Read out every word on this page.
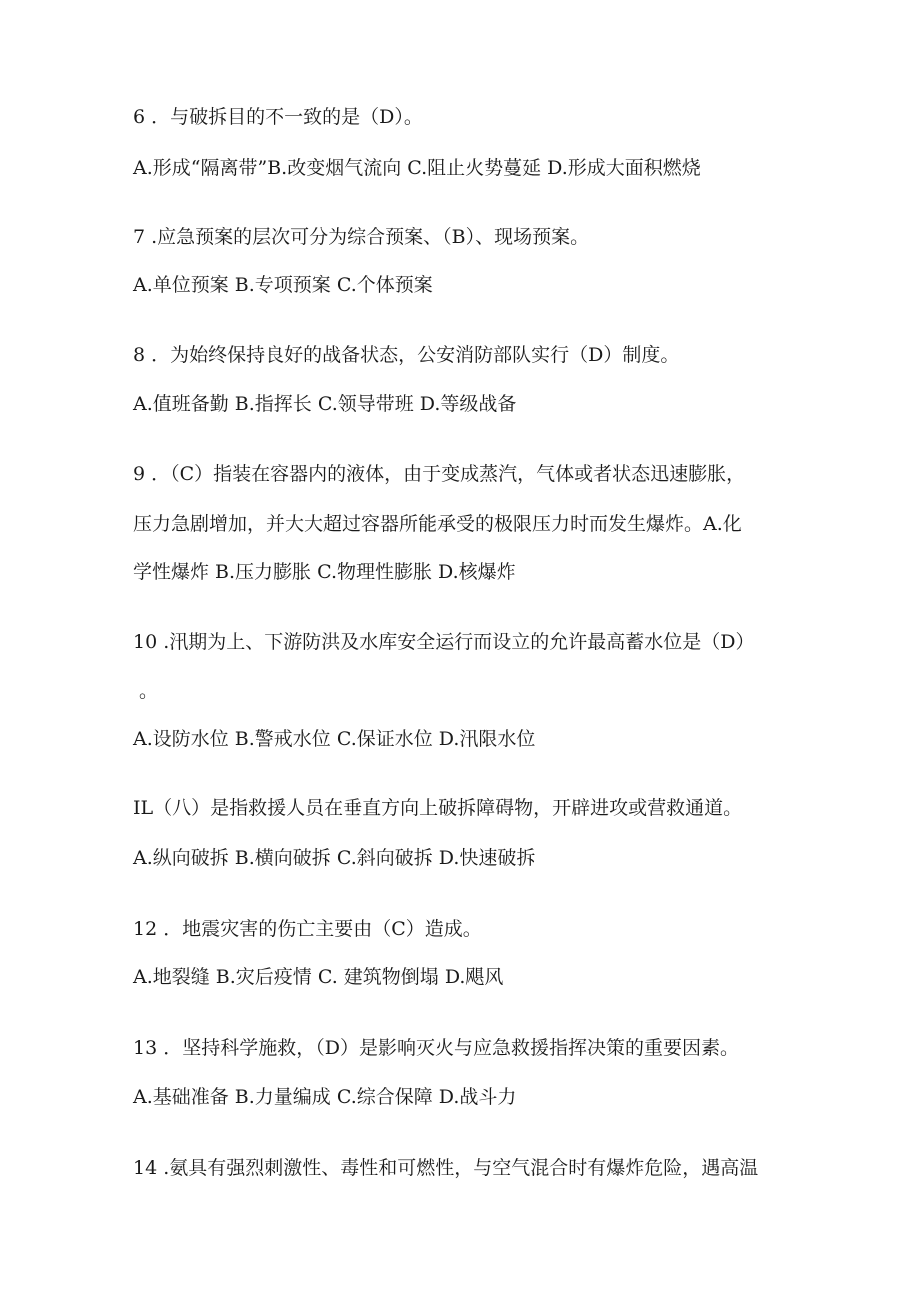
6 ．与破拆目的不一致的是（D）。
A.形成“隔离带”B.改变烟气流向 C.阻止火势蔓延 D.形成大面积燃烧
7 .应急预案的层次可分为综合预案、（B）、现场预案。
A.单位预案 B.专项预案 C.个体预案
8 ．为始终保持良好的战备状态，公安消防部队实行（D）制度。
A.值班备勤 B.指挥长 C.领导带班 D.等级战备
9 ．（C）指装在容器内的液体，由于变成蒸汽，气体或者状态迅速膨胀，
压力急剧增加，并大大超过容器所能承受的极限压力时而发生爆炸。A.化
学性爆炸 B.压力膨胀 C.物理性膨胀 D.核爆炸
10 .汛期为上、下游防洪及水库安全运行而设立的允许最高蓄水位是（D）
。
A.设防水位 B.警戒水位 C.保证水位 D.汛限水位
IL（八）是指救援人员在垂直方向上破拆障碍物，开辟进攻或营救通道。
A.纵向破拆 B.横向破拆 C.斜向破拆 D.快速破拆
12 ．地震灾害的伤亡主要由（C）造成。
A.地裂缝 B.灾后疫情 C. 建筑物倒塌 D.飓风
13 ．坚持科学施救，（D）是影响灭火与应急救援指挥决策的重要因素。
A.基础准备 B.力量编成 C.综合保障 D.战斗力
14 .氨具有强烈刺激性、毒性和可燃性，与空气混合时有爆炸危险，遇高温
